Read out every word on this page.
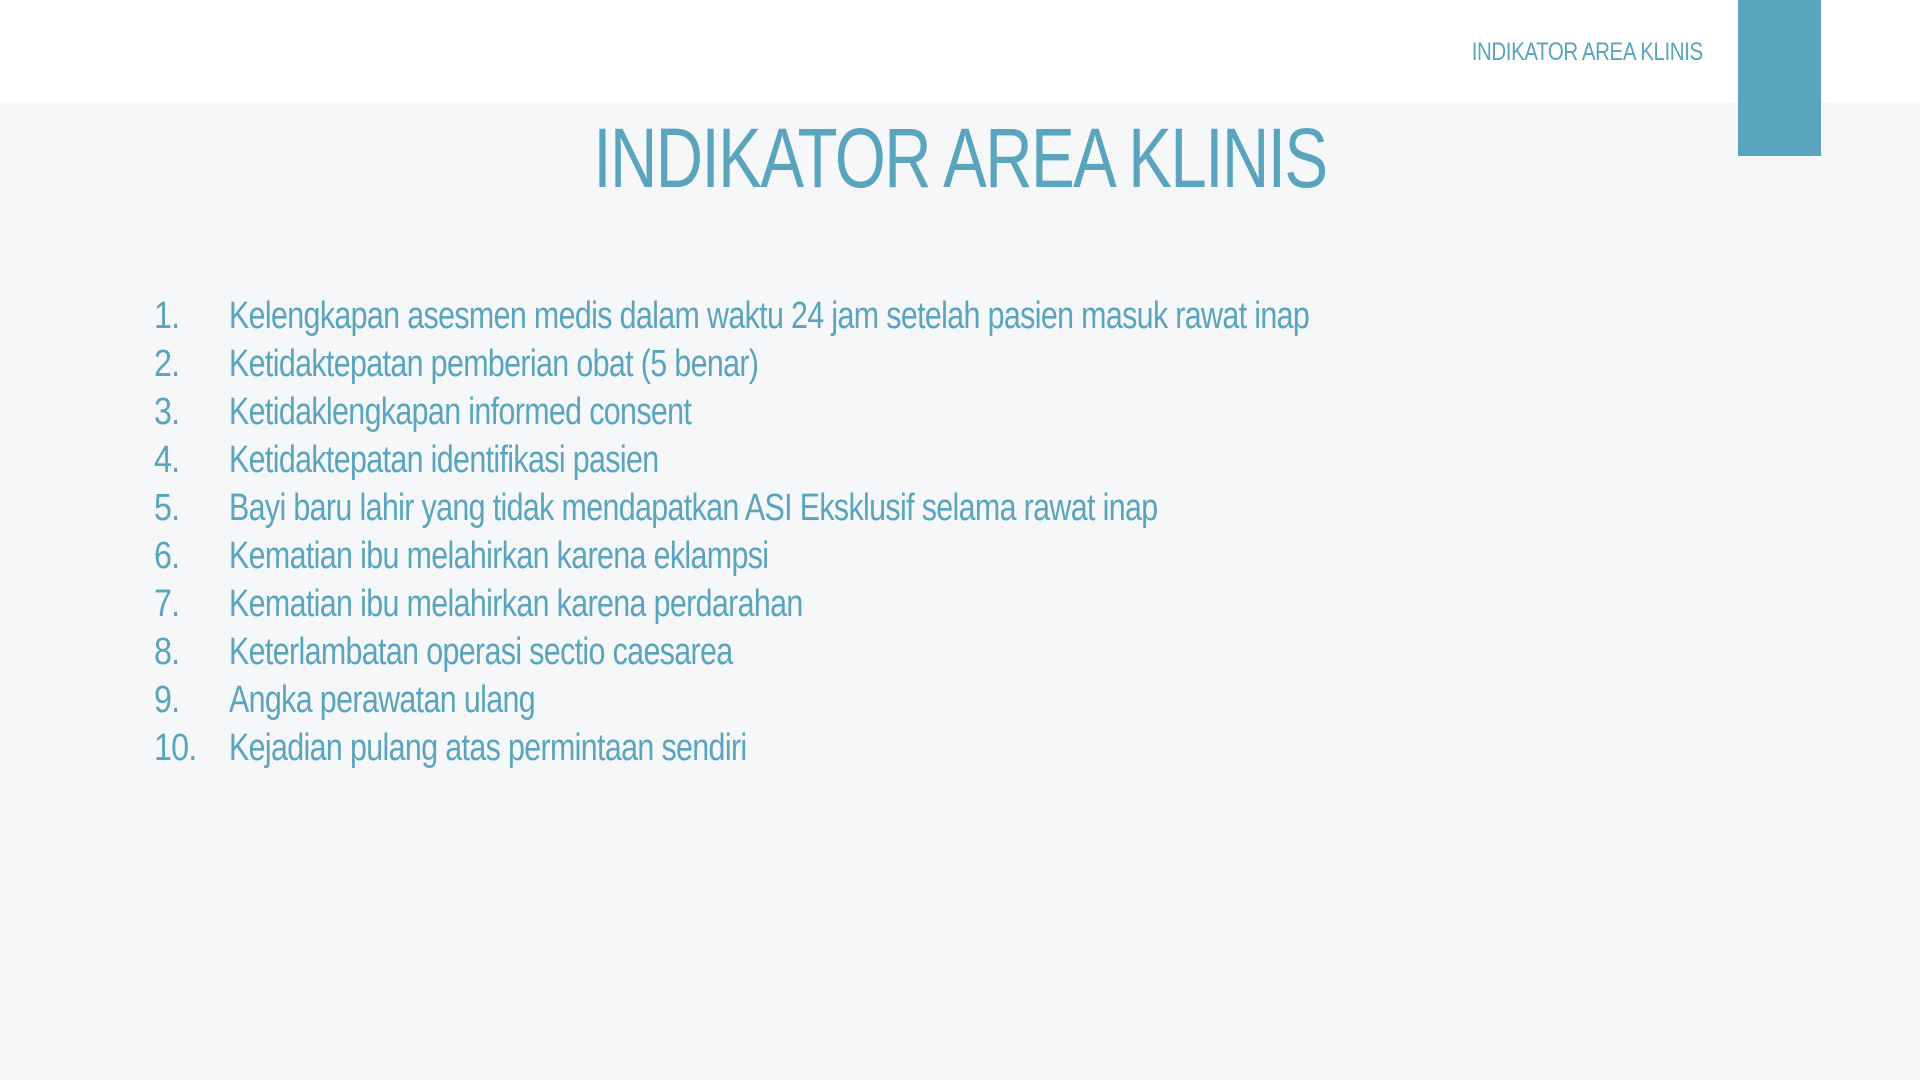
INDIKATOR AREA KLINIS
INDIKATOR AREA KLINIS
1. Kelengkapan asesmen medis dalam waktu 24 jam setelah pasien masuk rawat inap
2. Ketidaktepatan pemberian obat (5 benar)
3. Ketidaklengkapan informed consent
4. Ketidaktepatan identifikasi pasien
5. Bayi baru lahir yang tidak mendapatkan ASI Eksklusif selama rawat inap
6. Kematian ibu melahirkan karena eklampsi
7. Kematian ibu melahirkan karena perdarahan
8. Keterlambatan operasi sectio caesarea
9. Angka perawatan ulang
10. Kejadian pulang atas permintaan sendiri
